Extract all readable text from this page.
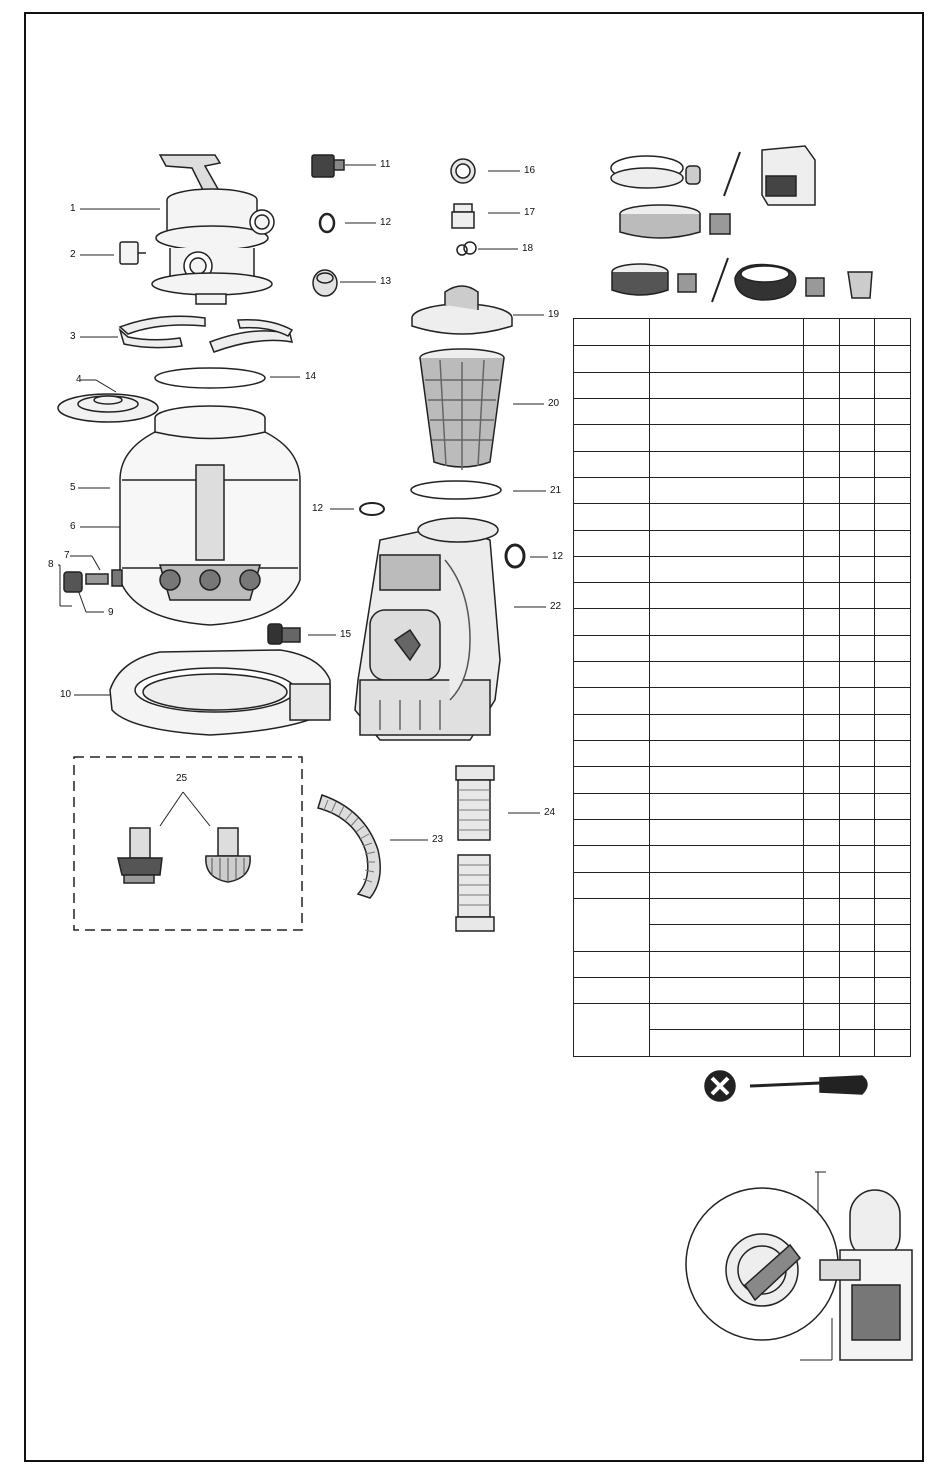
1
2
3
4
5
6
7
8
9
10
11
12
13
14
15
16
17
18
19
20
21
12
12
22
23
24
25
